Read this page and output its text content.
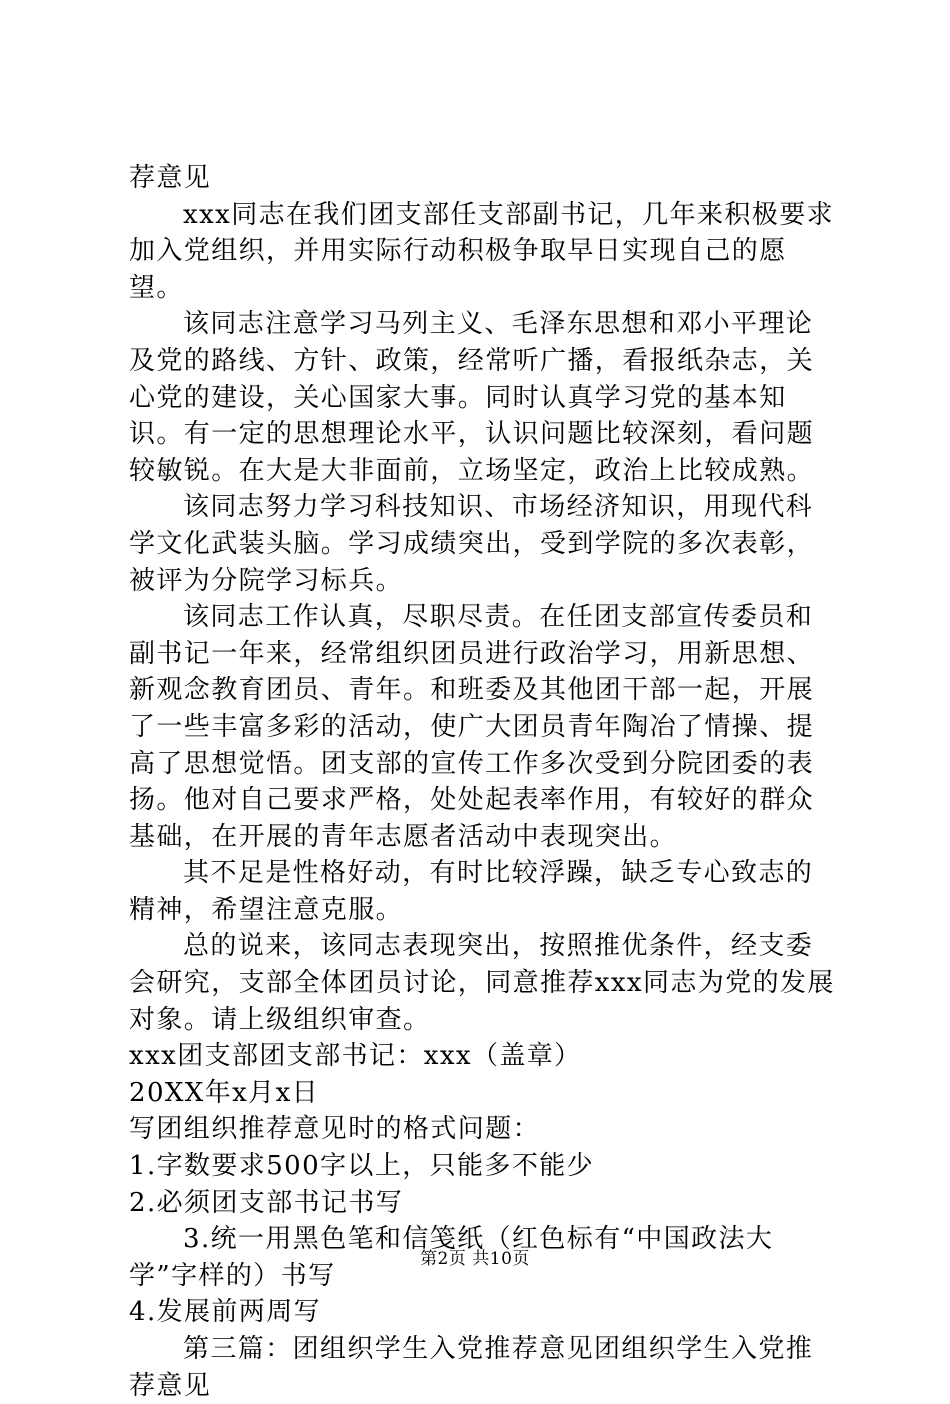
荐意见

xxx同志在我们团支部任支部副书记，几年来积极要求加入党组织，并用实际行动积极争取早日实现自己的愿望。

该同志注意学习马列主义、毛泽东思想和邓小平理论及党的路线、方针、政策，经常听广播，看报纸杂志，关心党的建设，关心国家大事。同时认真学习党的基本知识。有一定的思想理论水平，认识问题比较深刻，看问题较敏锐。在大是大非面前，立场坚定，政治上比较成熟。

该同志努力学习科技知识、市场经济知识，用现代科学文化武装头脑。学习成绩突出，受到学院的多次表彰，被评为分院学习标兵。

该同志工作认真，尽职尽责。在任团支部宣传委员和副书记一年来，经常组织团员进行政治学习，用新思想、新观念教育团员、青年。和班委及其他团干部一起，开展了一些丰富多彩的活动，使广大团员青年陶冶了情操、提高了思想觉悟。团支部的宣传工作多次受到分院团委的表扬。他对自己要求严格，处处起表率作用，有较好的群众基础，在开展的青年志愿者活动中表现突出。

其不足是性格好动，有时比较浮躁，缺乏专心致志的精神，希望注意克服。

总的说来，该同志表现突出，按照推优条件，经支委会研究，支部全体团员讨论，同意推荐xxx同志为党的发展对象。请上级组织审查。

xxx团支部团支部书记：xxx（盖章）

20XX年x月x日

写团组织推荐意见时的格式问题：

1.字数要求500字以上，只能多不能少

2.必须团支部书记书写

3.统一用黑色笔和信笺纸（红色标有“中国政法大学”字样的）书写

4.发展前两周写

第三篇：团组织学生入党推荐意见团组织学生入党推荐意见

第2页 共10页
